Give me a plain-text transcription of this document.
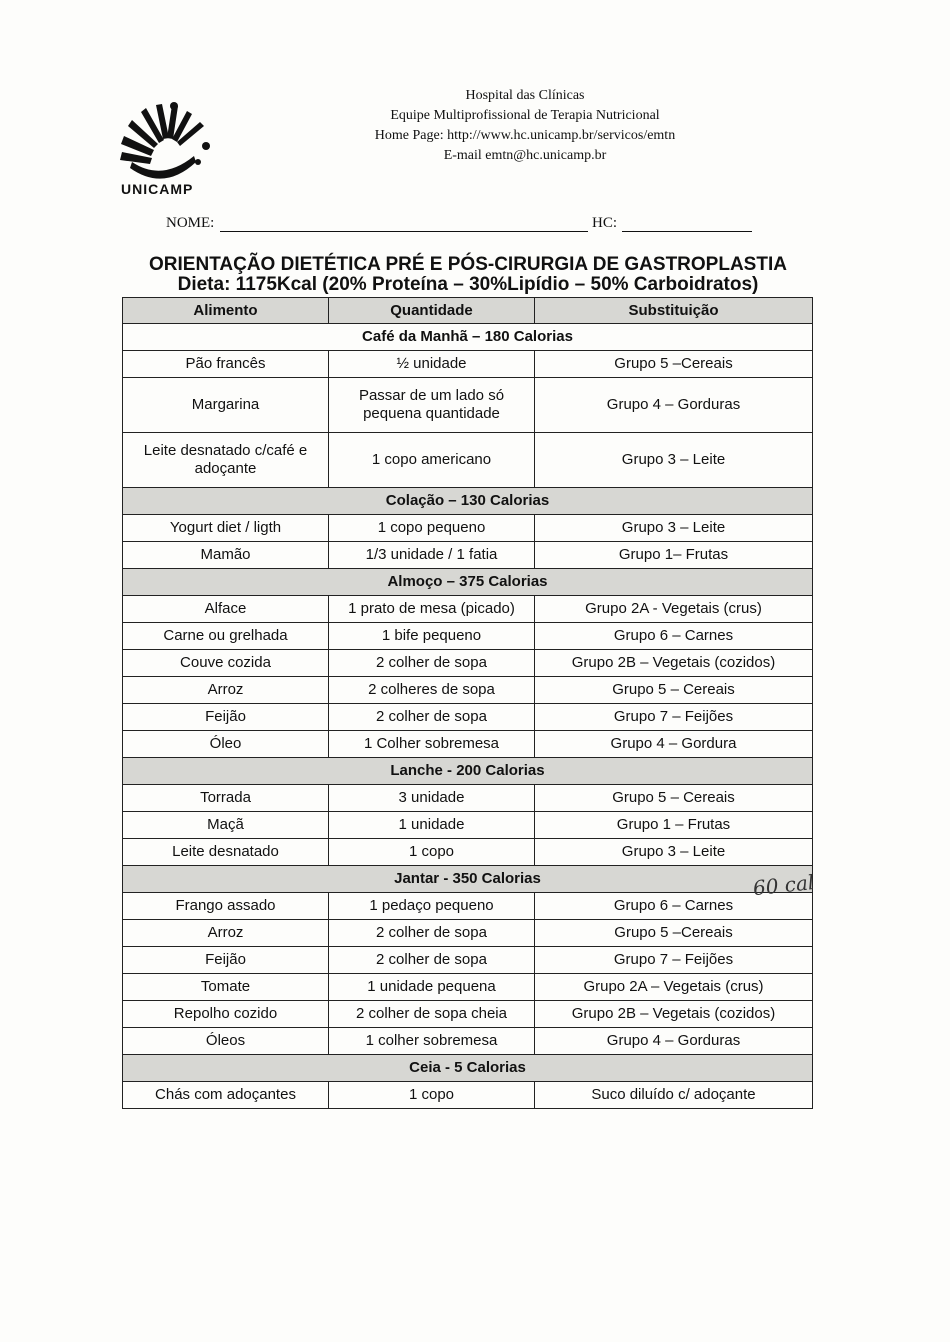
UNICAMP
Hospital das Clínicas
Equipe Multiprofissional de Terapia Nutricional
Home Page: http://www.hc.unicamp.br/servicos/emtn
E-mail emtn@hc.unicamp.br
NOME:	HC:
ORIENTAÇÃO DIETÉTICA PRÉ E PÓS-CIRURGIA DE GASTROPLASTIA
Dieta: 1175Kcal (20% Proteína – 30%Lipídio – 50% Carboidratos)
Alimento	Quantidade	Substituição
Café da Manhã – 180 Calorias		
Pão francês	½ unidade	Grupo 5 –Cereais
Margarina	Passar de um lado só pequena quantidade	Grupo 4 – Gorduras
Leite desnatado c/café e adoçante	1 copo americano	Grupo 3 – Leite
Colação – 130 Calorias		
Yogurt diet / ligth	1 copo pequeno	Grupo 3 – Leite
Mamão	1/3 unidade / 1 fatia	Grupo 1– Frutas
Almoço – 375 Calorias		
Alface	1 prato de mesa (picado)	Grupo 2A - Vegetais (crus)
Carne ou grelhada	1 bife pequeno	Grupo 6 – Carnes
Couve cozida	2 colher de sopa	Grupo 2B – Vegetais (cozidos)
Arroz	2 colheres de sopa	Grupo 5 – Cereais
Feijão	2 colher de sopa	Grupo 7 – Feijões
Óleo	1 Colher sobremesa	Grupo 4 – Gordura
Lanche - 200 Calorias		
Torrada	3 unidade	Grupo 5 – Cereais
Maçã	1 unidade	Grupo 1 – Frutas
Leite desnatado	1 copo	Grupo 3 – Leite
Jantar - 350 Calorias		
Frango assado	1 pedaço pequeno	Grupo 6 – Carnes
Arroz	2 colher de sopa	Grupo 5 –Cereais
Feijão	2 colher de sopa	Grupo 7 – Feijões
Tomate	1 unidade pequena	Grupo 2A – Vegetais (crus)
Repolho cozido	2 colher de sopa cheia	Grupo 2B – Vegetais (cozidos)
Óleos	1 colher sobremesa	Grupo 4 – Gorduras
Ceia - 5 Calorias		
Chás com adoçantes	1 copo	Suco diluído c/ adoçante
60 cal
